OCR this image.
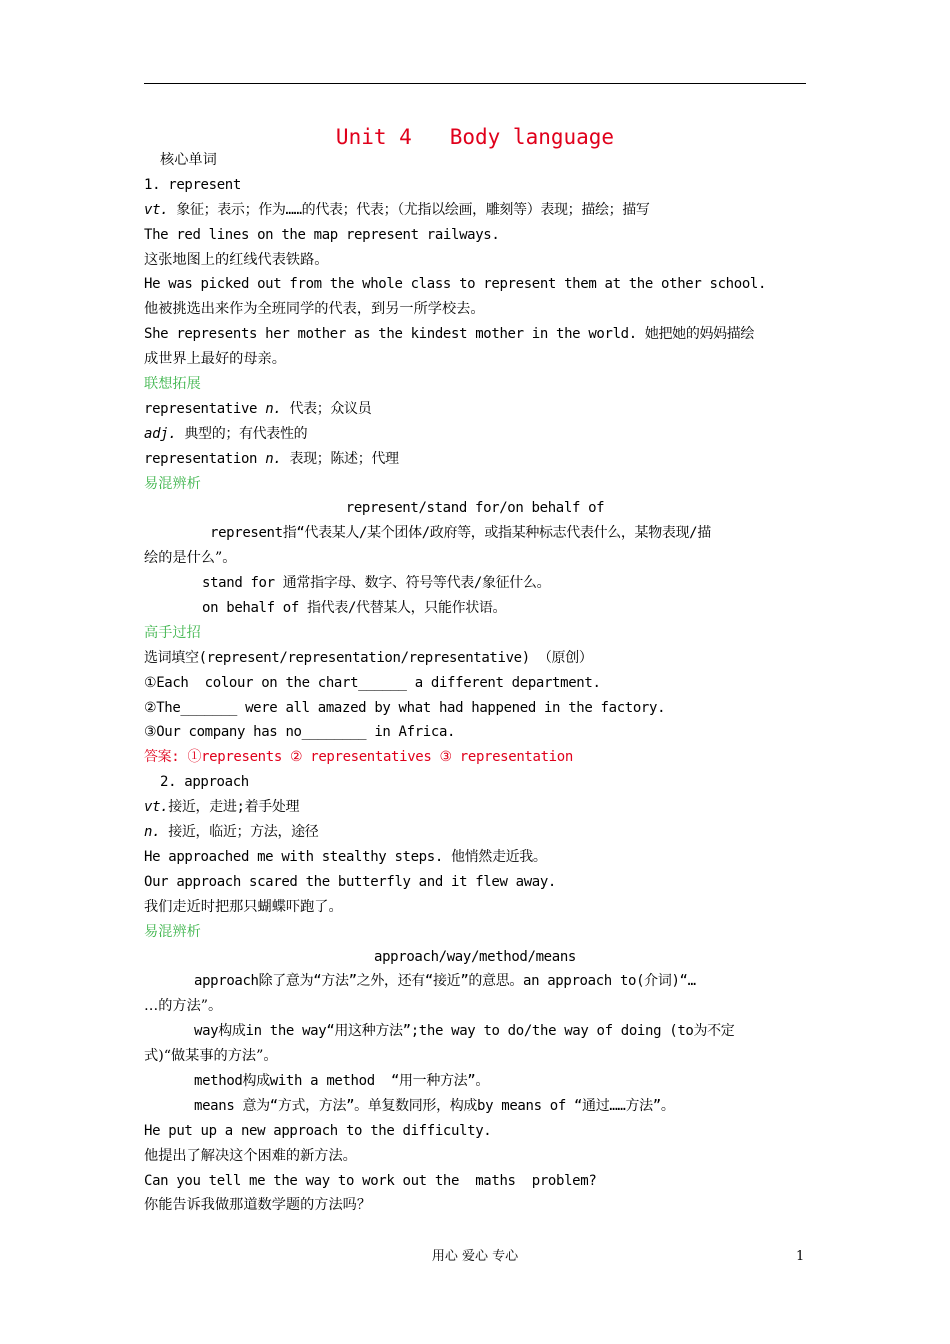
Unit 4   Body language
核心单词
1. represent
vt. 象征；表示；作为……的代表；代表；（尤指以绘画，雕刻等）表现；描绘；描写
The red lines on the map represent railways.
这张地图上的红线代表铁路。
He was picked out from the whole class to represent them at the other school.
他被挑选出来作为全班同学的代表，到另一所学校去。
She represents her mother as the kindest mother in the world. 她把她的妈妈描绘
成世界上最好的母亲。
联想拓展
representative n. 代表；众议员
adj. 典型的；有代表性的
representation n. 表现；陈述；代理
易混辨析
represent/stand for/on behalf of
represent指“代表某人/某个团体/政府等，或指某种标志代表什么，某物表现/描
绘的是什么”。
stand for 通常指字母、数字、符号等代表/象征什么。
on behalf of 指代表/代替某人，只能作状语。
高手过招
选词填空(represent/representation/representative) （原创）
①Each  colour on the chart______ a different department.
②The_______ were all amazed by what had happened in the factory.
③Our company has no________ in Africa.
答案: ①represents ② representatives ③ representation
2. approach
vt.接近，走进;着手处理
n. 接近，临近；方法，途径
He approached me with stealthy steps. 他悄然走近我。
Our approach scared the butterfly and it flew away.
我们走近时把那只蝴蝶吓跑了。
易混辨析
approach/way/method/means
approach除了意为“方法”之外，还有“接近”的意思。an approach to(介词)“…
…的方法”。
way构成in the way“用这种方法”;the way to do/the way of doing (to为不定
式)“做某事的方法”。
method构成with a method  “用一种方法”。
means 意为“方式，方法”。单复数同形，构成by means of “通过……方法”。
He put up a new approach to the difficulty.
他提出了解决这个困难的新方法。
Can you tell me the way to work out the  maths  problem?
你能告诉我做那道数学题的方法吗？
用心 爱心 专心	1
